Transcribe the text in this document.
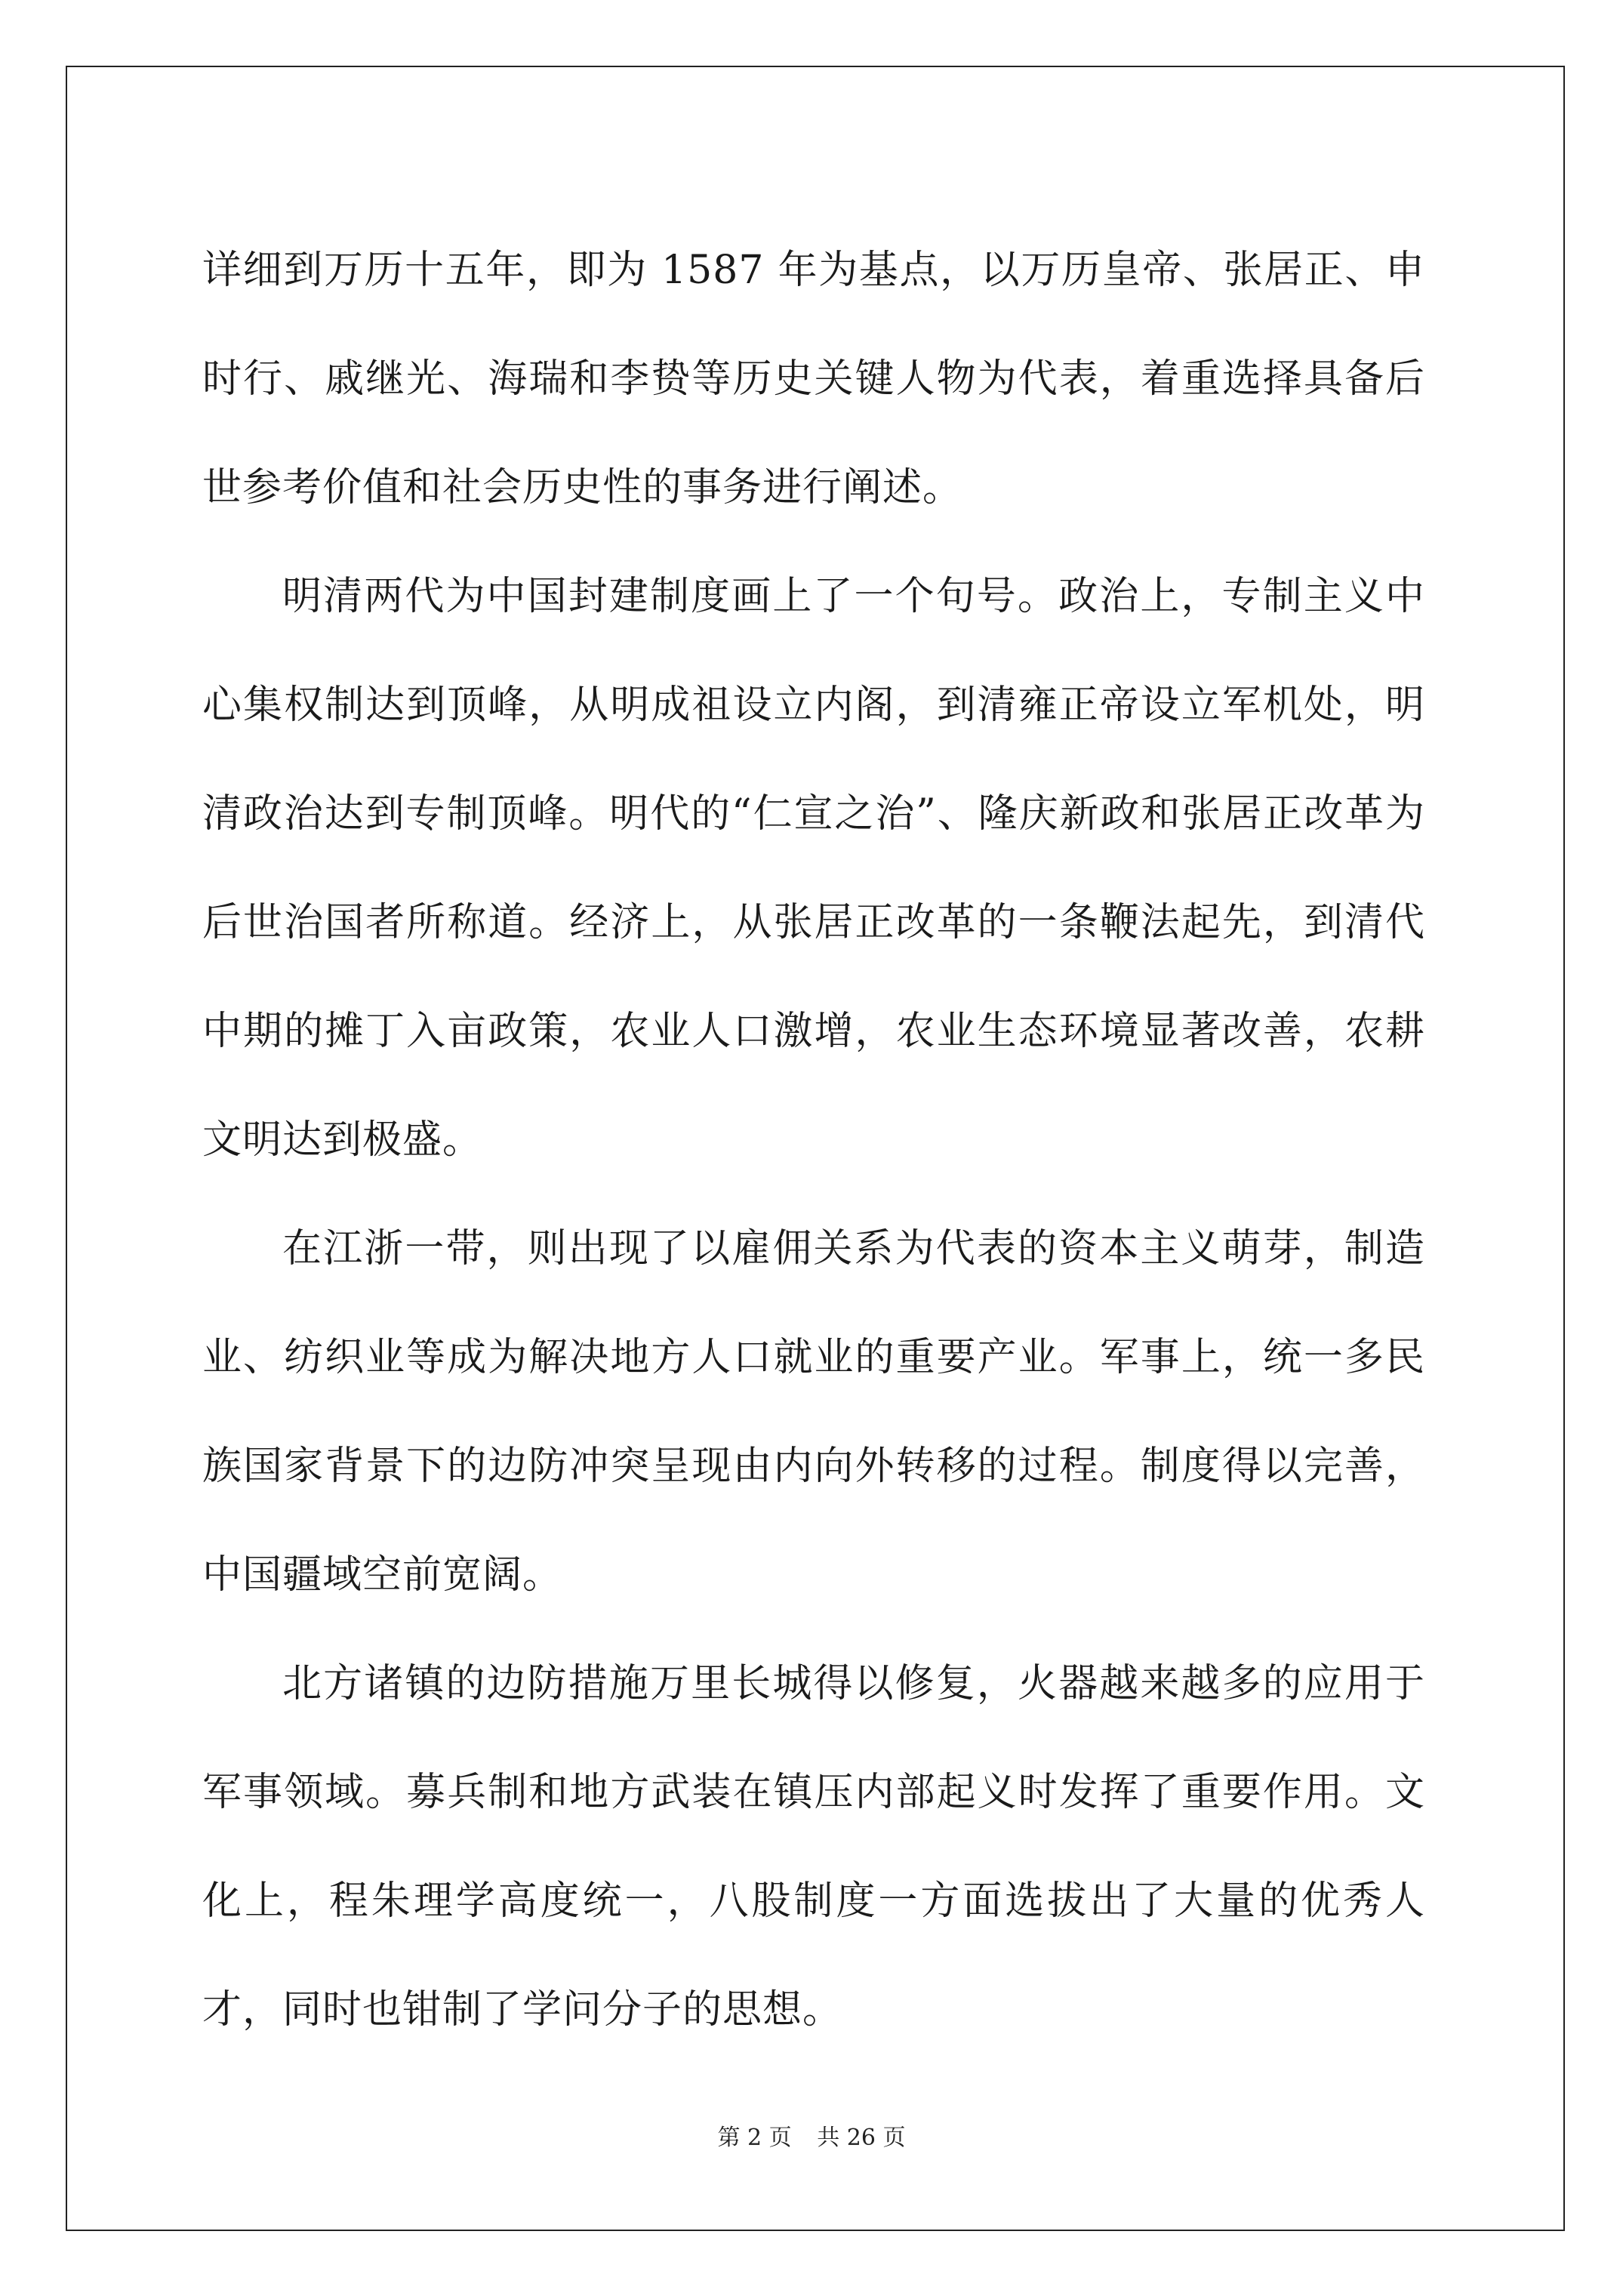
详细到万历十五年，即为 1587 年为基点，以万历皇帝、张居正、申时行、戚继光、海瑞和李贽等历史关键人物为代表，着重选择具备后世参考价值和社会历史性的事务进行阐述。

明清两代为中国封建制度画上了一个句号。政治上，专制主义中心集权制达到顶峰，从明成祖设立内阁，到清雍正帝设立军机处，明清政治达到专制顶峰。明代的“仁宣之治”、隆庆新政和张居正改革为后世治国者所称道。经济上，从张居正改革的一条鞭法起先，到清代中期的摊丁入亩政策，农业人口激增，农业生态环境显著改善，农耕文明达到极盛。

在江浙一带，则出现了以雇佣关系为代表的资本主义萌芽，制造业、纺织业等成为解决地方人口就业的重要产业。军事上，统一多民族国家背景下的边防冲突呈现由内向外转移的过程。制度得以完善，中国疆域空前宽阔。

北方诸镇的边防措施万里长城得以修复，火器越来越多的应用于军事领域。募兵制和地方武装在镇压内部起义时发挥了重要作用。文化上，程朱理学高度统一，八股制度一方面选拔出了大量的优秀人才，同时也钳制了学问分子的思想。

第 2 页 共 26 页
